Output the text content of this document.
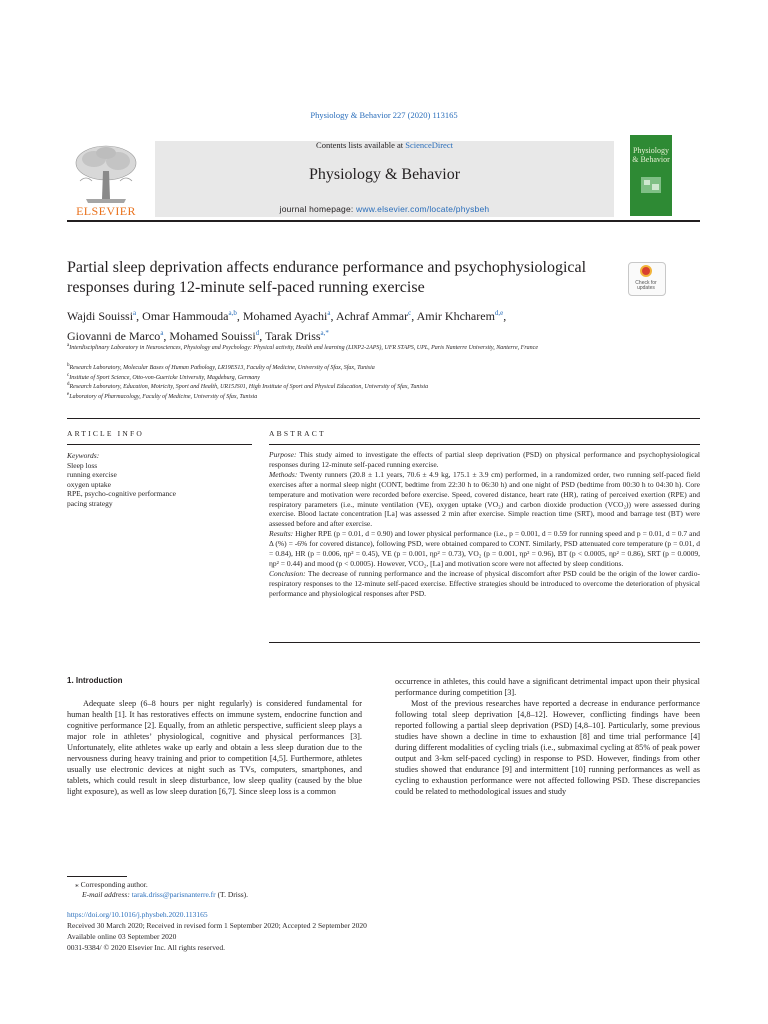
Physiology & Behavior 227 (2020) 113165
Contents lists available at ScienceDirect
Physiology & Behavior
journal homepage: www.elsevier.com/locate/physbeh
ELSEVIER
Physiology
& Behavior
Check for
updates
Partial sleep deprivation affects endurance performance and psychophysiological responses during 12-minute self-paced running exercise
Wajdi Souissi$^a$, Omar Hammouda$^{a,b}$, Mohamed Ayachi$^a$, Achraf Ammar$^c$, Amir Khcharem$^{d,e}$,
Giovanni de Marco$^a$, Mohamed Souissi$^d$, Tarak Driss$^{a,*}$
$^a$Interdisciplinary Laboratory in Neurosciences, Physiology and Psychology: Physical activity, Health and learning (LINP2-2APS), UFR STAPS, UPL, Paris Nanterre University, Nanterre, France
$^b$Research Laboratory, Molecular Bases of Human Pathology, LR19ES13, Faculty of Medicine, University of Sfax, Sfax, Tunisia
$^c$Institute of Sport Science, Otto-von-Guericke University, Magdeburg, Germany
$^d$Research Laboratory, Education, Motricity, Sport and Health, UR15JS01, High Institute of Sport and Physical Education, University of Sfax, Tunisia
$^e$Laboratory of Pharmacology, Faculty of Medicine, University of Sfax, Tunisia
ARTICLE INFO
Keywords:
Sleep loss
running exercise
oxygen uptake
RPE, psycho-cognitive performance
pacing strategy
ABSTRACT

Purpose: This study aimed to investigate the effects of partial sleep deprivation (PSD) on physical performance and psychophysiological responses during 12-minute self-paced running exercise.

Methods: Twenty runners (20.8 ± 1.1 years, 70.6 ± 4.9 kg, 175.1 ± 3.9 cm) performed, in a randomized order, two running self-paced field exercises after a normal sleep night (CONT, bedtime from 22:30 h to 06:30 h) and one night of PSD (bedtime from 00:30 h to 04:30 h). Core temperature and motivation were recorded before exercise. Speed, covered distance, heart rate (HR), rating of perceived exertion (RPE) and respiratory parameters (i.e., minute ventilation (VE), oxygen uptake (VO₂) and carbon dioxide production (VCO₂)) were assessed during exercise. Blood lactate concentration [La] was assessed 2 min after exercise. Simple reaction time (SRT), mood and barrage test (BT) were assessed before and after exercise.

Results: Higher RPE (p = 0.01, d = 0.90) and lower physical performance (i.e., p = 0.001, d = 0.59 for running speed and p = 0.01, d = 0.7 and Δ (%) = -6% for covered distance), following PSD, were obtained compared to CONT. Similarly, PSD attenuated core temperature (p = 0.01, d = 0.84), HR (p = 0.006, ηp² = 0.45), VE (p = 0.001, ηp² = 0.73), VO₂ (p = 0.001, ηp² = 0.96), BT (p < 0.0005, ηp² = 0.86), SRT (p = 0.0009, ηp² = 0.44) and mood (p < 0.0005). However, VCO₂, [La] and motivation score were not affected by sleep conditions.

Conclusion: The decrease of running performance and the increase of physical discomfort after PSD could be the origin of the lower cardio-respiratory responses to the 12-minute self-paced exercise. Effective strategies should be introduced to overcome the deterioration of physical performance and physiological responses after PSD.

1. Introduction

Adequate sleep (6–8 hours per night regularly) is considered fundamental for human health [1]. It has restoratives effects on immune system, endocrine function and cognitive performance [2]. Equally, from an athletic perspective, sufficient sleep plays a major role in athletes’ physiological, cognitive and physical performances [3]. Unfortunately, elite athletes wake up early and obtain a less sleep duration due to the nervousness during heavy training and prior to competition [4,5]. Furthermore, athletes usually use electronic devices at night such as TVs, computers, smartphones, and tablets, which could result in sleep disturbance, low sleep quality (caused by the blue light exposure), as well as low sleep duration [6,7]. Since sleep loss is a common

occurrence in athletes, this could have a significant detrimental impact upon their physical performance during competition [3].

Most of the previous researches have reported a decrease in endurance performance following total sleep deprivation [4,8–12]. However, conflicting findings have been reported following a partial sleep deprivation (PSD) [4,8–10]. Particularly, some previous studies have shown a decline in time to exhaustion [8] and time trial performance [4] during different modalities of cycling trials (i.e., submaximal cycling at 85% of peak power output and 3-km self-paced cycling) in response to PSD. However, findings from other studies showed that endurance [9] and intermittent [10] running performances as well as cycling to exhaustion performance were not affected following PSD. These discrepancies could be related to methodological issues and study

⁎ Corresponding author.
E-mail address: tarak.driss@parisnanterre.fr (T. Driss).
https://doi.org/10.1016/j.physbeh.2020.113165
Received 30 March 2020; Received in revised form 1 September 2020; Accepted 2 September 2020
Available online 03 September 2020
0031-9384/ © 2020 Elsevier Inc. All rights reserved.
